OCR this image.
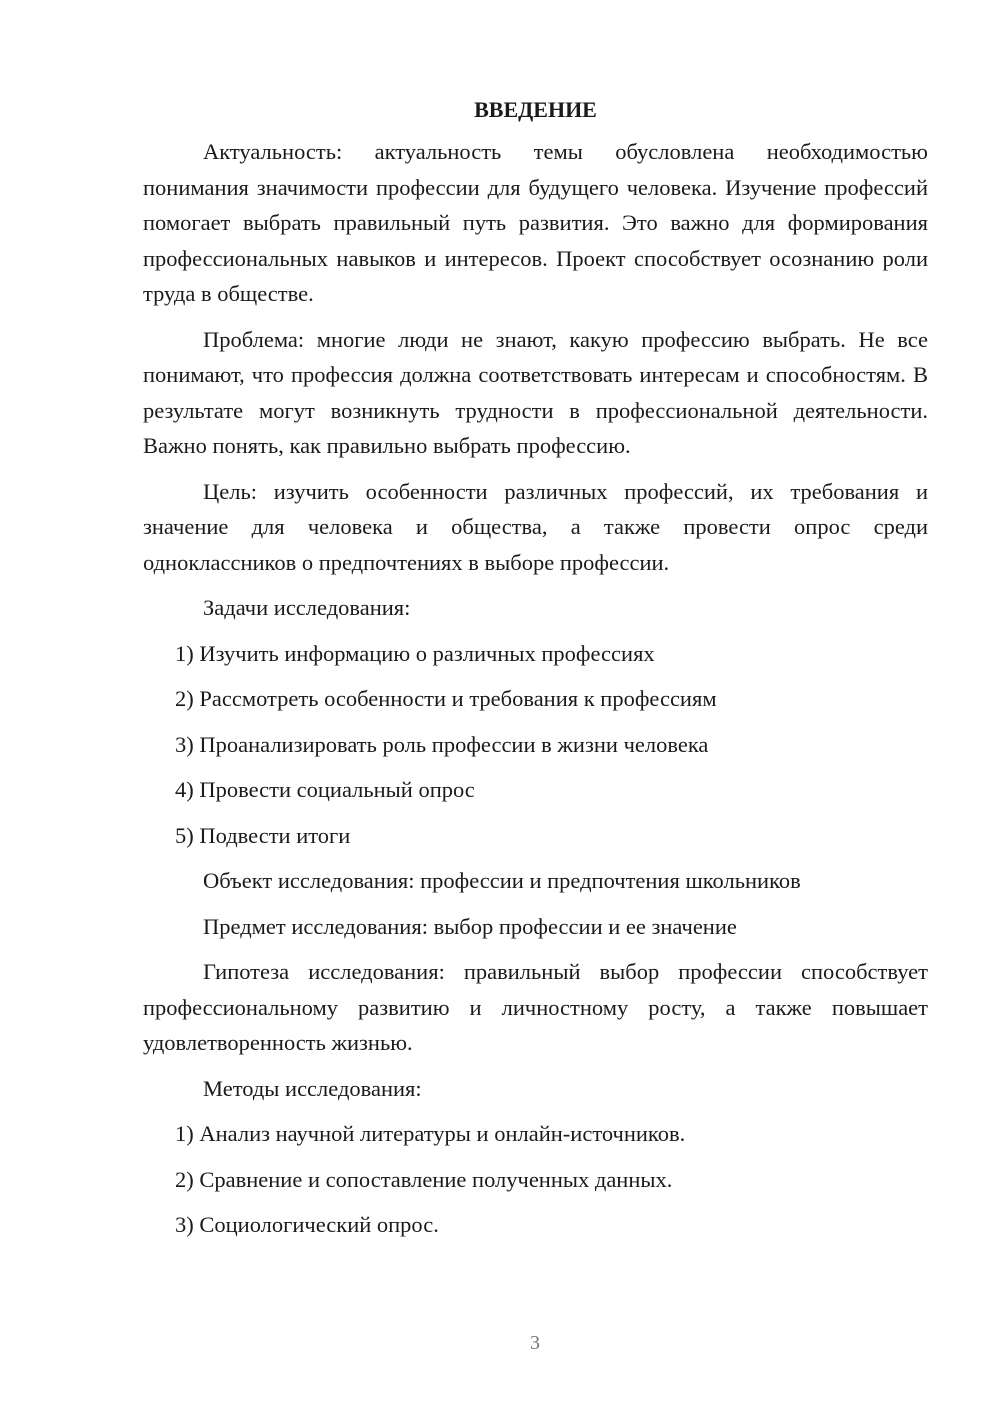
ВВЕДЕНИЕ

Актуальность: актуальность темы обусловлена необходимостью понимания значимости профессии для будущего человека. Изучение профессий помогает выбрать правильный путь развития. Это важно для формирования профессиональных навыков и интересов. Проект способствует осознанию роли труда в обществе.

Проблема: многие люди не знают, какую профессию выбрать. Не все понимают, что профессия должна соответствовать интересам и способностям. В результате могут возникнуть трудности в профессиональной деятельности. Важно понять, как правильно выбрать профессию.

Цель: изучить особенности различных профессий, их требования и значение для человека и общества, а также провести опрос среди одноклассников о предпочтениях в выборе профессии.

Задачи исследования:
1) Изучить информацию о различных профессиях
2) Рассмотреть особенности и требования к профессиям
3) Проанализировать роль профессии в жизни человека
4) Провести социальный опрос
5) Подвести итоги
Объект исследования: профессии и предпочтения школьников
Предмет исследования: выбор профессии и ее значение

Гипотеза исследования: правильный выбор профессии способствует профессиональному развитию и личностному росту, а также повышает удовлетворенность жизнью.

Методы исследования:
1) Анализ научной литературы и онлайн-источников.
2) Сравнение и сопоставление полученных данных.
3) Социологический опрос.
3
